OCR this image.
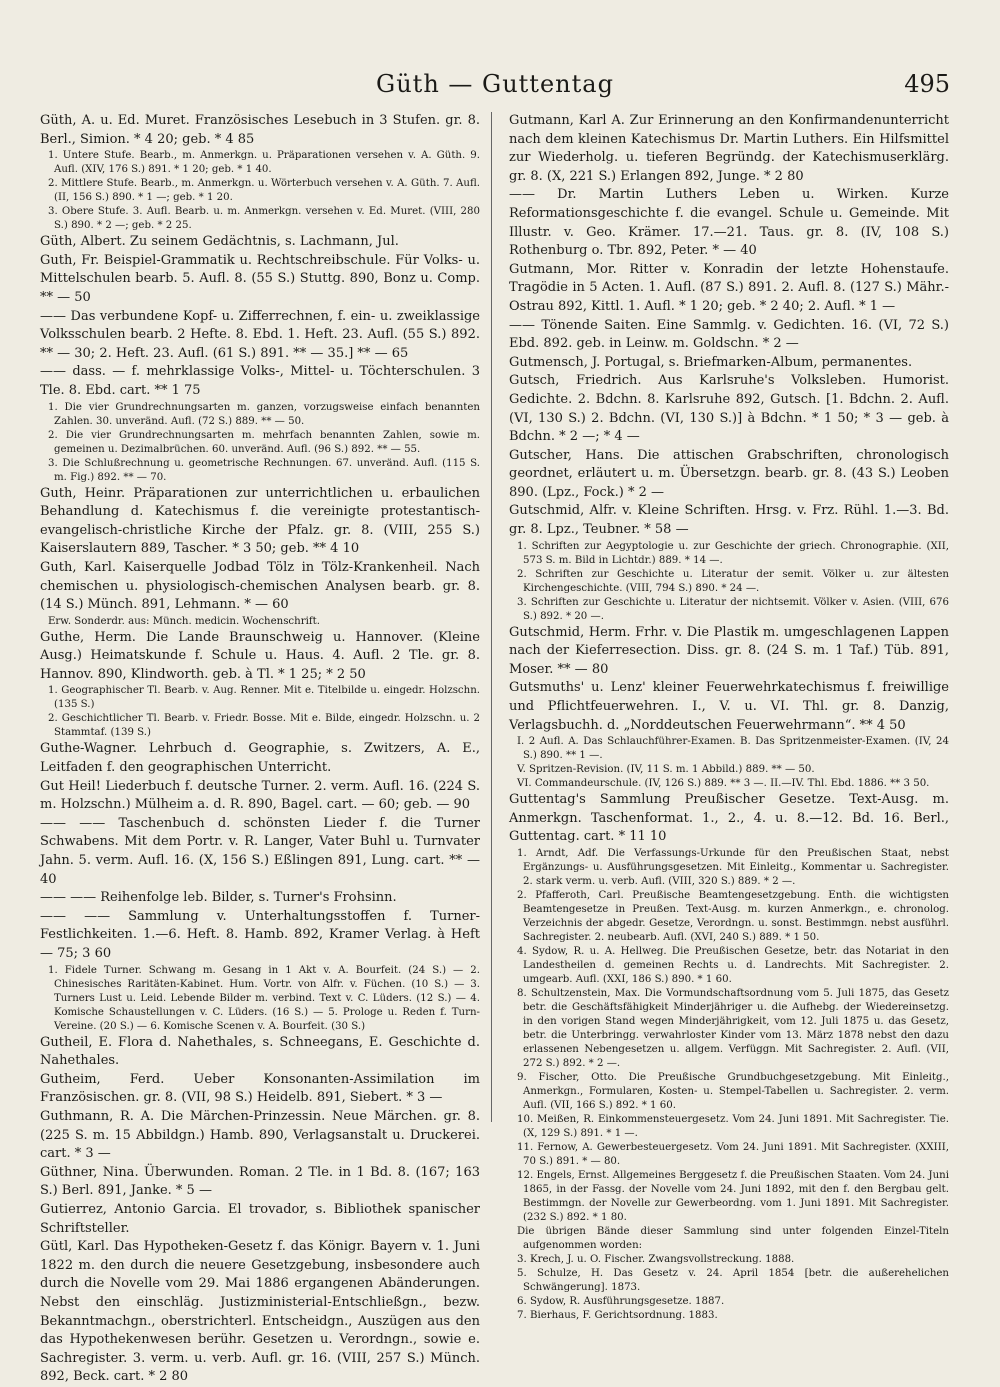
Güth — Guttentag	495

Güth, A. u. Ed. Muret. Französisches Lesebuch in 3 Stufen. gr. 8. Berl., Simion. * 4 20; geb. * 4 85

1. Untere Stufe. Bearb., m. Anmerkgn. u. Präparationen versehen v. A. Güth. 9. Aufl. (XIV, 176 S.) 891. * 1 20; geb. * 1 40.

2. Mittlere Stufe. Bearb., m. Anmerkgn. u. Wörterbuch versehen v. A. Güth. 7. Aufl. (II, 156 S.) 890. * 1 —; geb. * 1 20.

3. Obere Stufe. 3. Aufl. Bearb. u. m. Anmerkgn. versehen v. Ed. Muret. (VIII, 280 S.) 890. * 2 —; geb. * 2 25.

Güth, Albert. Zu seinem Gedächtnis, s. Lachmann, Jul.

Guth, Fr. Beispiel-Grammatik u. Rechtschreibschule. Für Volks- u. Mittelschulen bearb. 5. Aufl. 8. (55 S.) Stuttg. 890, Bonz u. Comp. ** — 50

—— Das verbundene Kopf- u. Zifferrechnen, f. ein- u. zweiklassige Volksschulen bearb. 2 Hefte. 8. Ebd. 1. Heft. 23. Aufl. (55 S.) 892. ** — 30; 2. Heft. 23. Aufl. (61 S.) 891. ** — 35.] ** — 65

—— dass. — f. mehrklassige Volks-, Mittel- u. Töchterschulen. 3 Tle. 8. Ebd. cart. ** 1 75

1. Die vier Grundrechnungsarten m. ganzen, vorzugsweise einfach benannten Zahlen. 30. unveränd. Aufl. (72 S.) 889. ** — 50.

2. Die vier Grundrechnungsarten m. mehrfach benannten Zahlen, sowie m. gemeinen u. Dezimalbrüchen. 60. unveränd. Aufl. (96 S.) 892. ** — 55.

3. Die Schlußrechnung u. geometrische Rechnungen. 67. unveränd. Aufl. (115 S. m. Fig.) 892. ** — 70.

Guth, Heinr. Präparationen zur unterrichtlichen u. erbaulichen Behandlung d. Katechismus f. die vereinigte protestantisch-evangelisch-christliche Kirche der Pfalz. gr. 8. (VIII, 255 S.) Kaiserslautern 889, Tascher. * 3 50; geb. ** 4 10

Guth, Karl. Kaiserquelle Jodbad Tölz in Tölz-Krankenheil. Nach chemischen u. physiologisch-chemischen Analysen bearb. gr. 8. (14 S.) Münch. 891, Lehmann. * — 60

Erw. Sonderdr. aus: Münch. medicin. Wochenschrift.

Guthe, Herm. Die Lande Braunschweig u. Hannover. (Kleine Ausg.) Heimatskunde f. Schule u. Haus. 4. Aufl. 2 Tle. gr. 8. Hannov. 890, Klindworth. geb. à Tl. * 1 25; * 2 50

1. Geographischer Tl. Bearb. v. Aug. Renner. Mit e. Titelbilde u. eingedr. Holzschn. (135 S.)

2. Geschichtlicher Tl. Bearb. v. Friedr. Bosse. Mit e. Bilde, eingedr. Holzschn. u. 2 Stammtaf. (139 S.)

Guthe-Wagner. Lehrbuch d. Geographie, s. Zwitzers, A. E., Leitfaden f. den geographischen Unterricht.

Gut Heil! Liederbuch f. deutsche Turner. 2. verm. Aufl. 16. (224 S. m. Holzschn.) Mülheim a. d. R. 890, Bagel. cart. — 60; geb. — 90

—— —— Taschenbuch d. schönsten Lieder f. die Turner Schwabens. Mit dem Portr. v. R. Langer, Vater Buhl u. Turnvater Jahn. 5. verm. Aufl. 16. (X, 156 S.) Eßlingen 891, Lung. cart. ** — 40

—— —— Reihenfolge leb. Bilder, s. Turner's Frohsinn.

—— —— Sammlung v. Unterhaltungsstoffen f. Turner-Festlichkeiten. 1.—6. Heft. 8. Hamb. 892, Kramer Verlag. à Heft — 75; 3 60

1. Fidele Turner. Schwang m. Gesang in 1 Akt v. A. Bourfeit. (24 S.) — 2. Chinesisches Raritäten-Kabinet. Hum. Vortr. von Alfr. v. Füchen. (10 S.) — 3. Turners Lust u. Leid. Lebende Bilder m. verbind. Text v. C. Lüders. (12 S.) — 4. Komische Schaustellungen v. C. Lüders. (16 S.) — 5. Prologe u. Reden f. Turn-Vereine. (20 S.) — 6. Komische Scenen v. A. Bourfeit. (30 S.)

Gutheil, E. Flora d. Nahethales, s. Schneegans, E. Geschichte d. Nahethales.

Gutheim, Ferd. Ueber Konsonanten-Assimilation im Französischen. gr. 8. (VII, 98 S.) Heidelb. 891, Siebert. * 3 —

Guthmann, R. A. Die Märchen-Prinzessin. Neue Märchen. gr. 8. (225 S. m. 15 Abbildgn.) Hamb. 890, Verlagsanstalt u. Druckerei. cart. * 3 —

Güthner, Nina. Überwunden. Roman. 2 Tle. in 1 Bd. 8. (167; 163 S.) Berl. 891, Janke. * 5 —

Gutierrez, Antonio Garcia. El trovador, s. Bibliothek spanischer Schriftsteller.

Gütl, Karl. Das Hypotheken-Gesetz f. das Königr. Bayern v. 1. Juni 1822 m. den durch die neuere Gesetzgebung, insbesondere auch durch die Novelle vom 29. Mai 1886 ergangenen Abänderungen. Nebst den einschläg. Justizministerial-Entschließgn., bezw. Bekanntmachgn., oberstrichterl. Entscheidgn., Auszügen aus den das Hypothekenwesen berühr. Gesetzen u. Verordngn., sowie e. Sachregister. 3. verm. u. verb. Aufl. gr. 16. (VIII, 257 S.) Münch. 892, Beck. cart. * 2 80

Gutmann, Karl A. Zur Erinnerung an den Konfirmandenunterricht nach dem kleinen Katechismus Dr. Martin Luthers. Ein Hilfsmittel zur Wiederholg. u. tieferen Begründg. der Katechismuserklärg. gr. 8. (X, 221 S.) Erlangen 892, Junge. * 2 80

—— Dr. Martin Luthers Leben u. Wirken. Kurze Reformationsgeschichte f. die evangel. Schule u. Gemeinde. Mit Illustr. v. Geo. Krämer. 17.—21. Taus. gr. 8. (IV, 108 S.) Rothenburg o. Tbr. 892, Peter. * — 40

Gutmann, Mor. Ritter v. Konradin der letzte Hohenstaufe. Tragödie in 5 Acten. 1. Aufl. (87 S.) 891. 2. Aufl. 8. (127 S.) Mähr.-Ostrau 892, Kittl. 1. Aufl. * 1 20; geb. * 2 40; 2. Aufl. * 1 —

—— Tönende Saiten. Eine Sammlg. v. Gedichten. 16. (VI, 72 S.) Ebd. 892. geb. in Leinw. m. Goldschn. * 2 —

Gutmensch, J. Portugal, s. Briefmarken-Album, permanentes.

Gutsch, Friedrich. Aus Karlsruhe's Volksleben. Humorist. Gedichte. 2. Bdchn. 8. Karlsruhe 892, Gutsch. [1. Bdchn. 2. Aufl. (VI, 130 S.) 2. Bdchn. (VI, 130 S.)] à Bdchn. * 1 50; * 3 — geb. à Bdchn. * 2 —; * 4 —

Gutscher, Hans. Die attischen Grabschriften, chronologisch geordnet, erläutert u. m. Übersetzgn. bearb. gr. 8. (43 S.) Leoben 890. (Lpz., Fock.) * 2 —

Gutschmid, Alfr. v. Kleine Schriften. Hrsg. v. Frz. Rühl. 1.—3. Bd. gr. 8. Lpz., Teubner. * 58 —

1. Schriften zur Aegyptologie u. zur Geschichte der griech. Chronographie. (XII, 573 S. m. Bild in Lichtdr.) 889. * 14 —.

2. Schriften zur Geschichte u. Literatur der semit. Völker u. zur ältesten Kirchengeschichte. (VIII, 794 S.) 890. * 24 —.

3. Schriften zur Geschichte u. Literatur der nichtsemit. Völker v. Asien. (VIII, 676 S.) 892. * 20 —.

Gutschmid, Herm. Frhr. v. Die Plastik m. umgeschlagenen Lappen nach der Kieferresection. Diss. gr. 8. (24 S. m. 1 Taf.) Tüb. 891, Moser. ** — 80

Gutsmuths' u. Lenz' kleiner Feuerwehrkatechismus f. freiwillige und Pflichtfeuerwehren. I., V. u. VI. Thl. gr. 8. Danzig, Verlagsbuchh. d. „Norddeutschen Feuerwehrmann“. ** 4 50

I. 2 Aufl. A. Das Schlauchführer-Examen. B. Das Spritzenmeister-Examen. (IV, 24 S.) 890. ** 1 —.

V. Spritzen-Revision. (IV, 11 S. m. 1 Abbild.) 889. ** — 50.

VI. Commandeurschule. (IV, 126 S.) 889. ** 3 —. II.—IV. Thl. Ebd. 1886. ** 3 50.

Guttentag's Sammlung Preußischer Gesetze. Text-Ausg. m. Anmerkgn. Taschenformat. 1., 2., 4. u. 8.—12. Bd. 16. Berl., Guttentag. cart. * 11 10

1. Arndt, Adf. Die Verfassungs-Urkunde für den Preußischen Staat, nebst Ergänzungs- u. Ausführungsgesetzen. Mit Einleitg., Kommentar u. Sachregister. 2. stark verm. u. verb. Aufl. (VIII, 320 S.) 889. * 2 —.

2. Pfafferoth, Carl. Preußische Beamtengesetzgebung. Enth. die wichtigsten Beamtengesetze in Preußen. Text-Ausg. m. kurzen Anmerkgn., e. chronolog. Verzeichnis der abgedr. Gesetze, Verordngn. u. sonst. Bestimmgn. nebst ausführl. Sachregister. 2. neubearb. Aufl. (XVI, 240 S.) 889. * 1 50.

4. Sydow, R. u. A. Hellweg. Die Preußischen Gesetze, betr. das Notariat in den Landestheilen d. gemeinen Rechts u. d. Landrechts. Mit Sachregister. 2. umgearb. Aufl. (XXI, 186 S.) 890. * 1 60.

8. Schultzenstein, Max. Die Vormundschaftsordnung vom 5. Juli 1875, das Gesetz betr. die Geschäftsfähigkeit Minderjähriger u. die Aufhebg. der Wiedereinsetzg. in den vorigen Stand wegen Minderjährigkeit, vom 12. Juli 1875 u. das Gesetz, betr. die Unterbringg. verwahrloster Kinder vom 13. März 1878 nebst den dazu erlassenen Nebengesetzen u. allgem. Verfüggn. Mit Sachregister. 2. Aufl. (VII, 272 S.) 892. * 2 —.

9. Fischer, Otto. Die Preußische Grundbuchgesetzgebung. Mit Einleitg., Anmerkgn., Formularen, Kosten- u. Stempel-Tabellen u. Sachregister. 2. verm. Aufl. (VII, 166 S.) 892. * 1 60.

10. Meißen, R. Einkommensteuergesetz. Vom 24. Juni 1891. Mit Sachregister. Tie. (X, 129 S.) 891. * 1 —.

11. Fernow, A. Gewerbesteuergesetz. Vom 24. Juni 1891. Mit Sachregister. (XXIII, 70 S.) 891. * — 80.

12. Engels, Ernst. Allgemeines Berggesetz f. die Preußischen Staaten. Vom 24. Juni 1865, in der Fassg. der Novelle vom 24. Juni 1892, mit den f. den Bergbau gelt. Bestimmgn. der Novelle zur Gewerbeordng. vom 1. Juni 1891. Mit Sachregister. (232 S.) 892. * 1 80.

Die übrigen Bände dieser Sammlung sind unter folgenden Einzel-Titeln aufgenommen worden:

3. Krech, J. u. O. Fischer. Zwangsvollstreckung. 1888.

5. Schulze, H. Das Gesetz v. 24. April 1854 [betr. die außerehelichen Schwängerung]. 1873.

6. Sydow, R. Ausführungsgesetze. 1887.

7. Bierhaus, F. Gerichtsordnung. 1883.
